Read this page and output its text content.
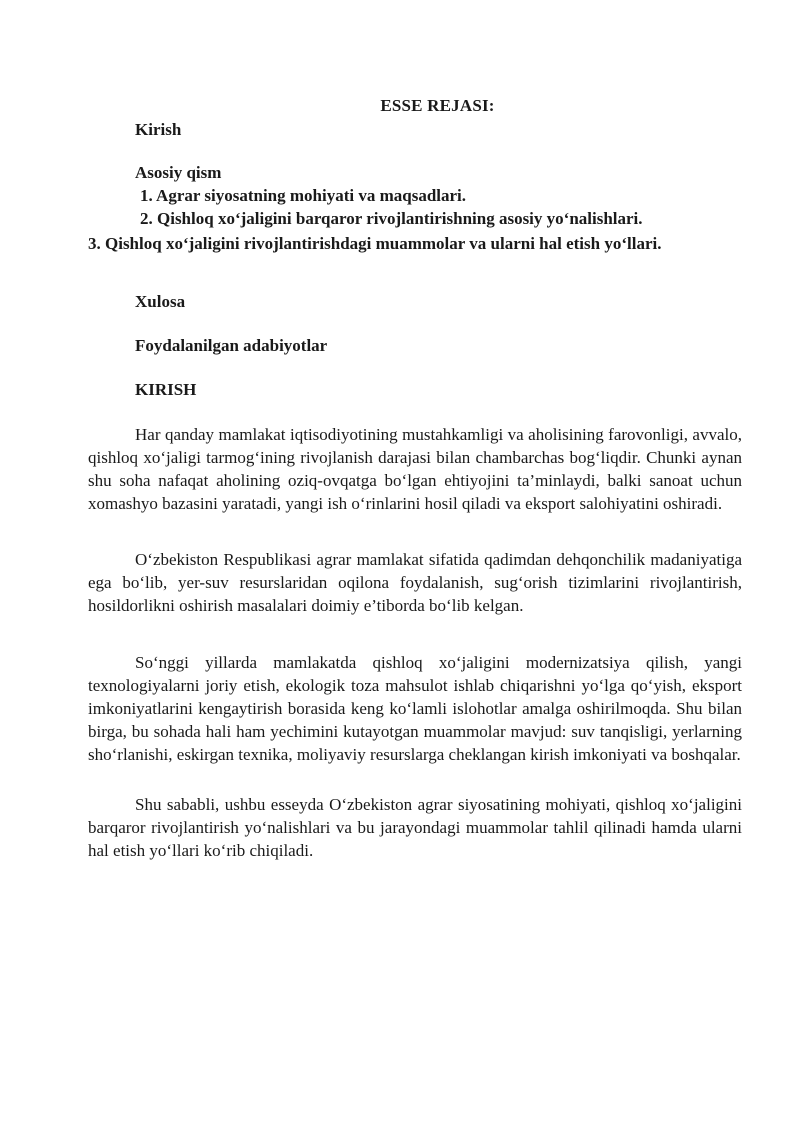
ESSE REJASI:
Kirish
Asosiy qism
1. Agrar siyosatning mohiyati va maqsadlari.
2. Qishloq xo‘jaligini barqaror rivojlantirishning asosiy yo‘nalishlari.
3. Qishloq xo‘jaligini rivojlantirishdagi muammolar va ularni hal etish yo‘llari.
Xulosa
Foydalanilgan adabiyotlar
KIRISH

Har qanday mamlakat iqtisodiyotining mustahkamligi va aholisining farovonligi, avvalo, qishloq xo‘jaligi tarmog‘ining rivojlanish darajasi bilan chambarchas bog‘liqdir. Chunki aynan shu soha nafaqat aholining oziq-ovqatga bo‘lgan ehtiyojini ta’minlaydi, balki sanoat uchun xomashyo bazasini yaratadi, yangi ish o‘rinlarini hosil qiladi va eksport salohiyatini oshiradi.

O‘zbekiston Respublikasi agrar mamlakat sifatida qadimdan dehqonchilik madaniyatiga ega bo‘lib, yer-suv resurslaridan oqilona foydalanish, sug‘orish tizimlarini rivojlantirish, hosildorlikni oshirish masalalari doimiy e’tiborda bo‘lib kelgan.

So‘nggi yillarda mamlakatda qishloq xo‘jaligini modernizatsiya qilish, yangi texnologiyalarni joriy etish, ekologik toza mahsulot ishlab chiqarishni yo‘lga qo‘yish, eksport imkoniyatlarini kengaytirish borasida keng ko‘lamli islohotlar amalga oshirilmoqda. Shu bilan birga, bu sohada hali ham yechimini kutayotgan muammolar mavjud: suv tanqisligi, yerlarning sho‘rlanishi, eskirgan texnika, moliyaviy resurslarga cheklangan kirish imkoniyati va boshqalar.

Shu sababli, ushbu esseyda O‘zbekiston agrar siyosatining mohiyati, qishloq xo‘jaligini barqaror rivojlantirish yo‘nalishlari va bu jarayondagi muammolar tahlil qilinadi hamda ularni hal etish yo‘llari ko‘rib chiqiladi.
